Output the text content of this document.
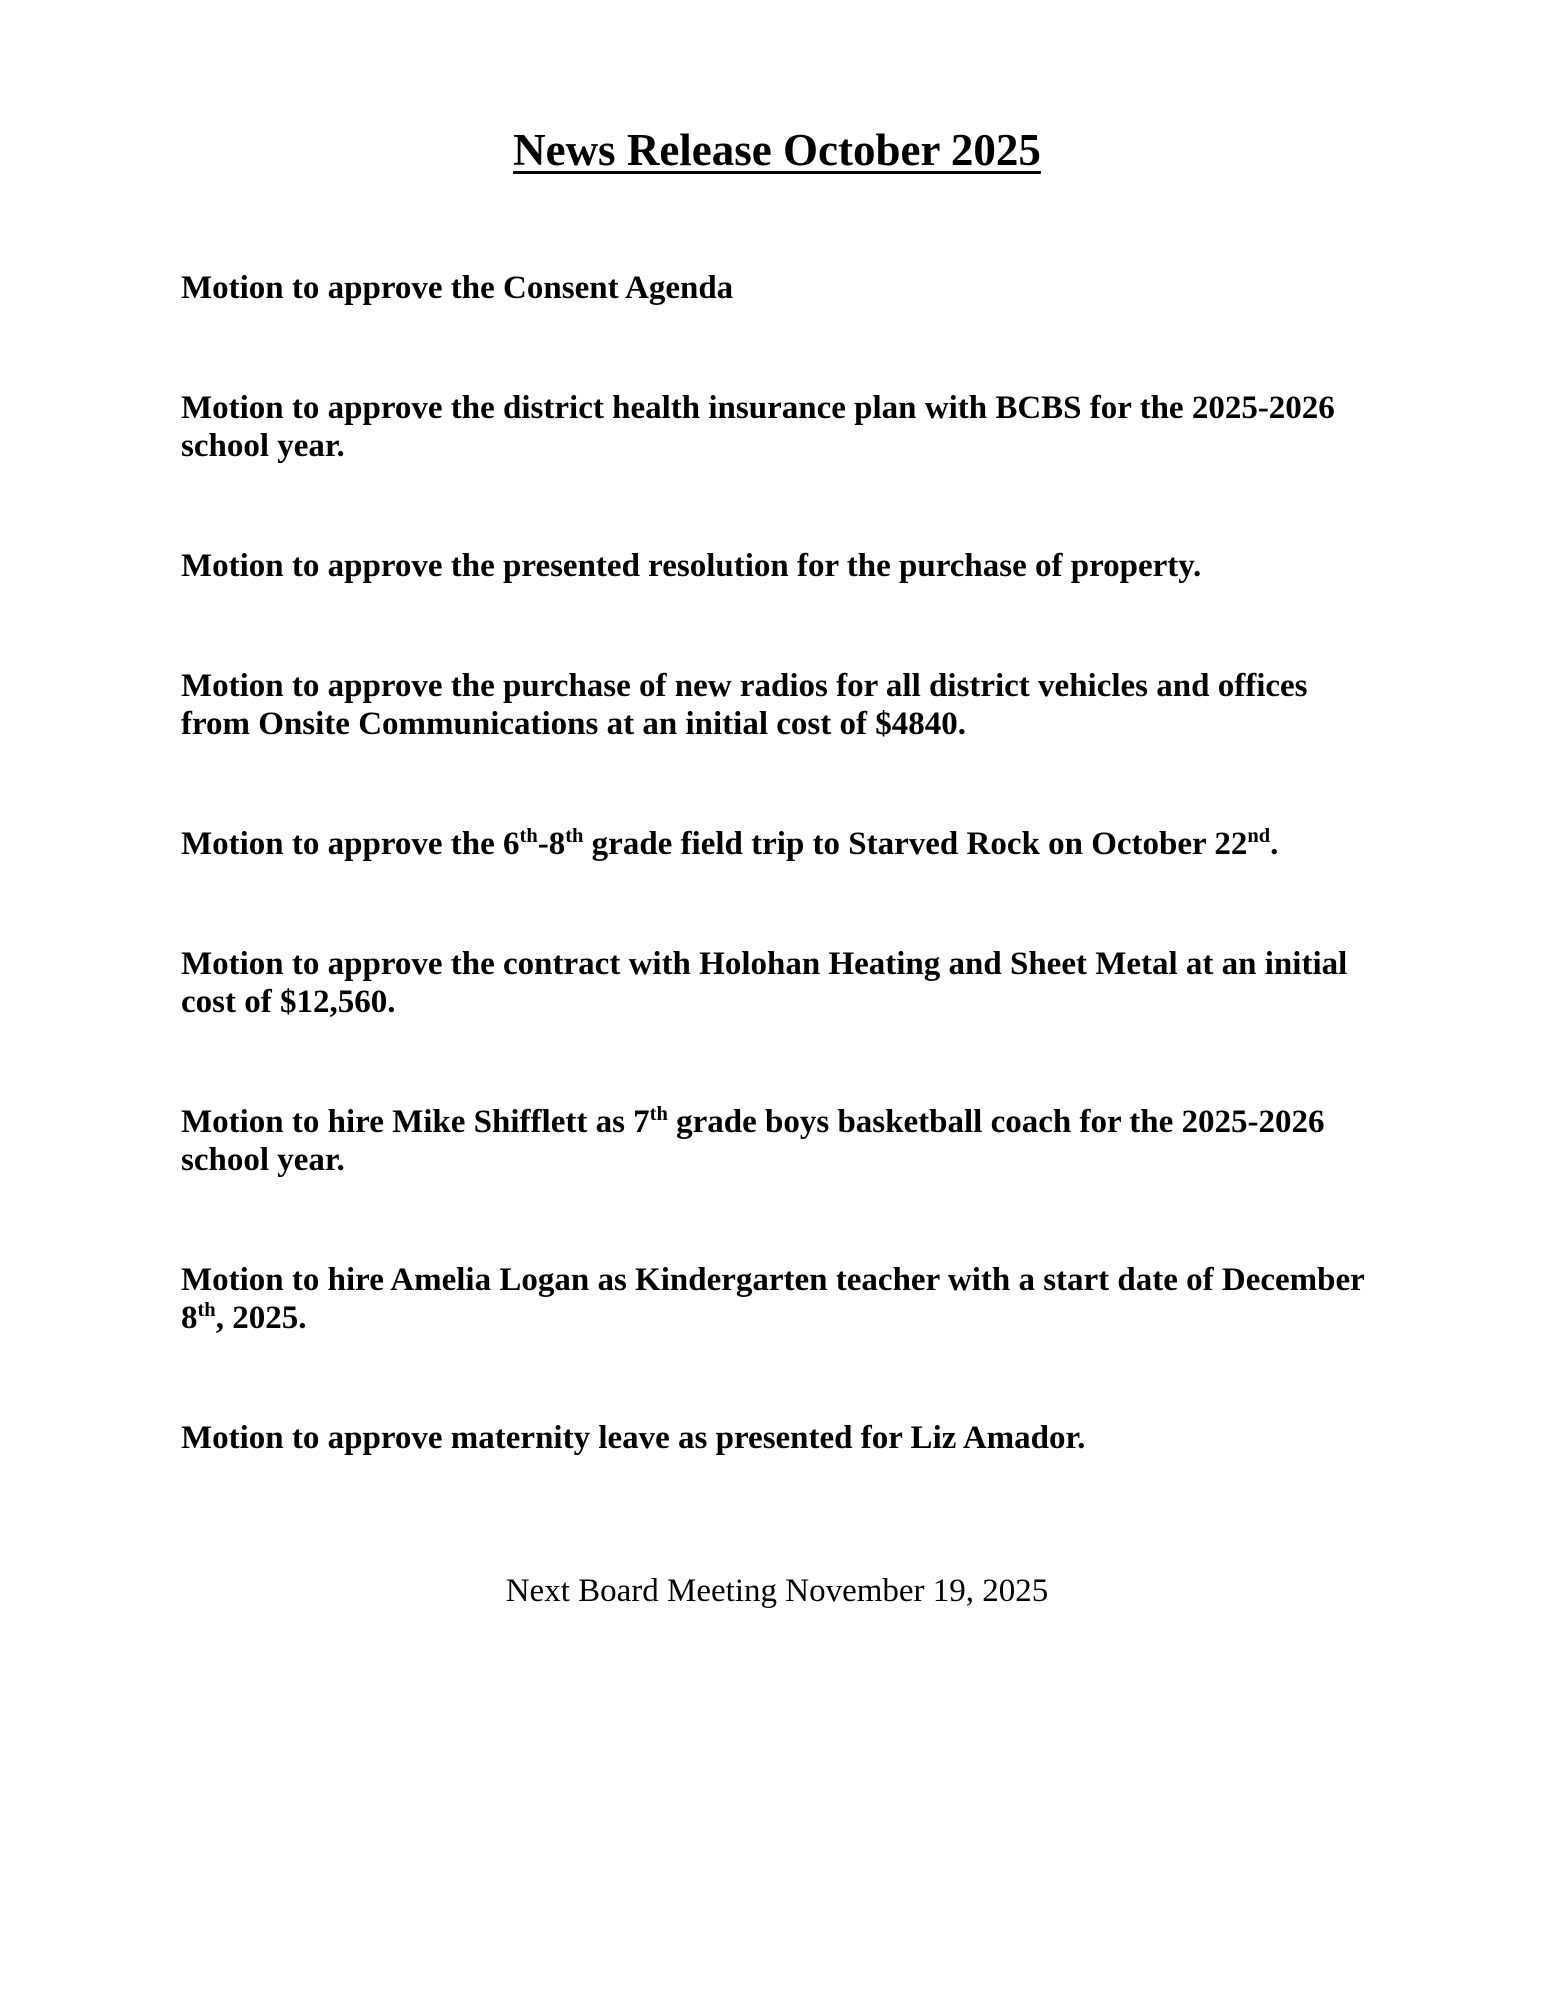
News Release October 2025

Motion to approve the Consent Agenda

Motion to approve the district health insurance plan with BCBS for the 2025-2026 school year.

Motion to approve the presented resolution for the purchase of property.

Motion to approve the purchase of new radios for all district vehicles and offices from Onsite Communications at an initial cost of $4840.

Motion to approve the 6th-8th grade field trip to Starved Rock on October 22nd.

Motion to approve the contract with Holohan Heating and Sheet Metal at an initial cost of $12,560.

Motion to hire Mike Shifflett as 7th grade boys basketball coach for the 2025-2026 school year.

Motion to hire Amelia Logan as Kindergarten teacher with a start date of December 8th, 2025.

Motion to approve maternity leave as presented for Liz Amador.

Next Board Meeting November 19, 2025
